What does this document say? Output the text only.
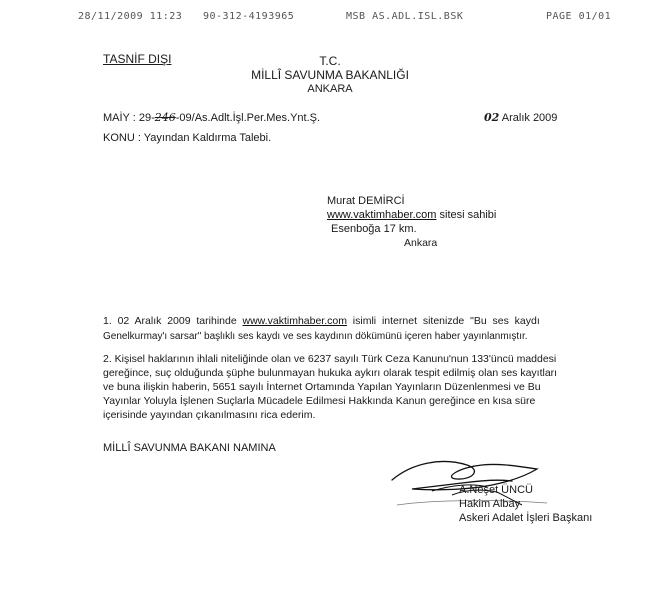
28/11/2009 11:23 90-312-4193965	MSB AS.ADL.ISL.BSK	PAGE 01/01
TASNİF DIŞI	T.C.
MİLLÎ SAVUNMA BAKANLIĞI
ANKARA
MAİY : 29-246-09/As.Adlt.İşl.Per.Mes.Ynt.Ş.	02 Aralık 2009
KONU : Yayından Kaldırma Talebi.
Murat DEMİRCİ
www.vaktimhaber.com sitesi sahibi
Esenboğa 17 km.
Ankara
1.  02  Aralık  2009  tarihinde  www.vaktimhaber.com  isimli  internet  sitenizde  "Bu  ses  kaydı
Genelkurmay'ı sarsar" başlıklı ses kaydı ve ses kaydının dökümünü içeren haber yayınlanmıştır.
2. Kişisel haklarının ihlali niteliğinde olan ve 6237 sayılı Türk Ceza Kanunu'nun 133'üncü maddesi
gereğince, suç olduğunda şüphe bulunmayan hukuka aykırı olarak tespit edilmiş olan ses kayıtları
ve buna ilişkin haberin, 5651 sayılı İnternet Ortamında Yapılan Yayınların Düzenlenmesi ve Bu
Yayınlar Yoluyla İşlenen Suçlarla Mücadele Edilmesi Hakkında Kanun gereğince en kısa süre
içerisinde yayından çıkanılmasını rica ederim.
MİLLÎ SAVUNMA BAKANI NAMINA
A.Neşet ÜNCÜ
Hakim Albay
Askeri Adalet İşleri Başkanı
